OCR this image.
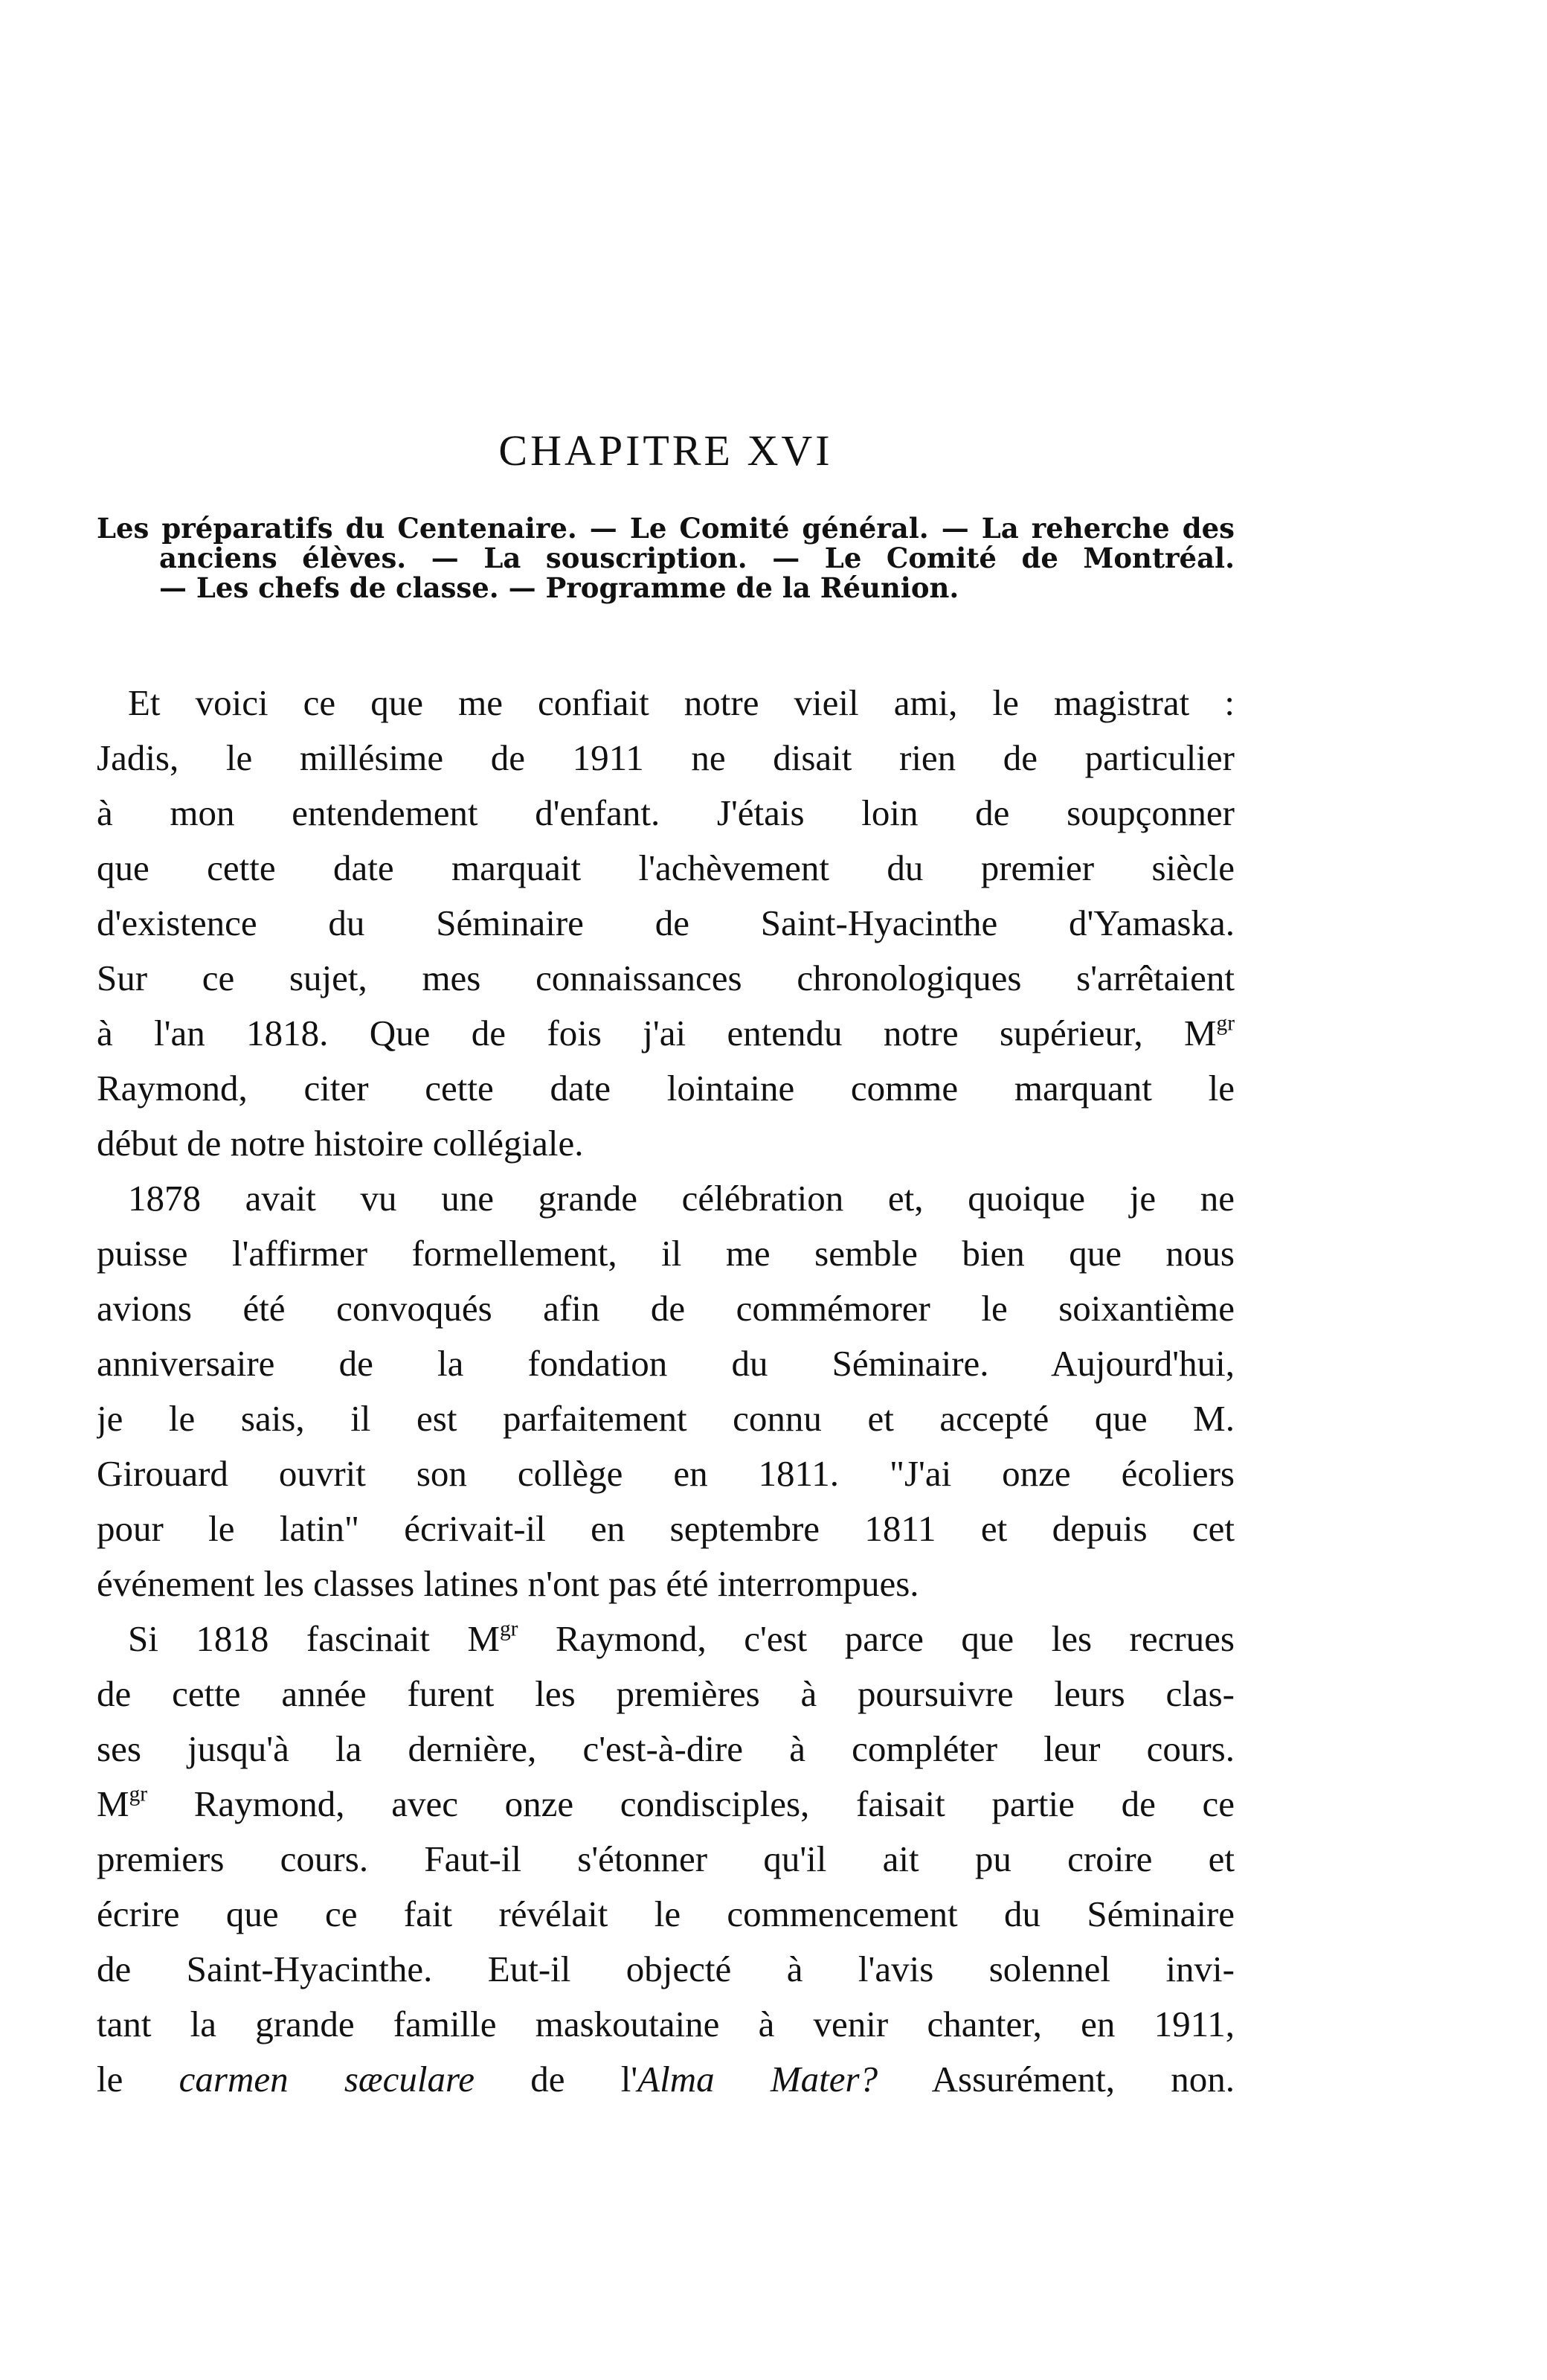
CHAPITRE XVI
Les préparatifs du Centenaire. — Le Comité général. — La reherche des
anciens élèves. — La souscription. — Le Comité de Montréal.
— Les chefs de classe. — Programme de la Réunion.
Et voici ce que me confiait notre vieil ami, le magistrat :
Jadis, le millésime de 1911 ne disait rien de particulier
à mon entendement d'enfant. J'étais loin de soupçonner
que cette date marquait l'achèvement du premier siècle
d'existence du Séminaire de Saint-Hyacinthe d'Yamaska.
Sur ce sujet, mes connaissances chronologiques s'arrêtaient
à l'an 1818. Que de fois j'ai entendu notre supérieur, $M^{gr}$
Raymond, citer cette date lointaine comme marquant le
début de notre histoire collégiale.
1878 avait vu une grande célébration et, quoique je ne
puisse l'affirmer formellement, il me semble bien que nous
avions été convoqués afin de commémorer le soixantième
anniversaire de la fondation du Séminaire. Aujourd'hui,
je le sais, il est parfaitement connu et accepté que M.
Girouard ouvrit son collège en 1811. "J'ai onze écoliers
pour le latin" écrivait-il en septembre 1811 et depuis cet
événement les classes latines n'ont pas été interrompues.
Si 1818 fascinait $M^{gr}$ Raymond, c'est parce que les recrues
de cette année furent les premières à poursuivre leurs clas-
ses jusqu'à la dernière, c'est-à-dire à compléter leur cours.
$M^{gr}$ Raymond, avec onze condisciples, faisait partie de ce
premiers cours. Faut-il s'étonner qu'il ait pu croire et
écrire que ce fait révélait le commencement du Séminaire
de Saint-Hyacinthe. Eut-il objecté à l'avis solennel invi-
tant la grande famille maskoutaine à venir chanter, en 1911,
le carmen sæculare de l'Alma Mater? Assurément, non.
